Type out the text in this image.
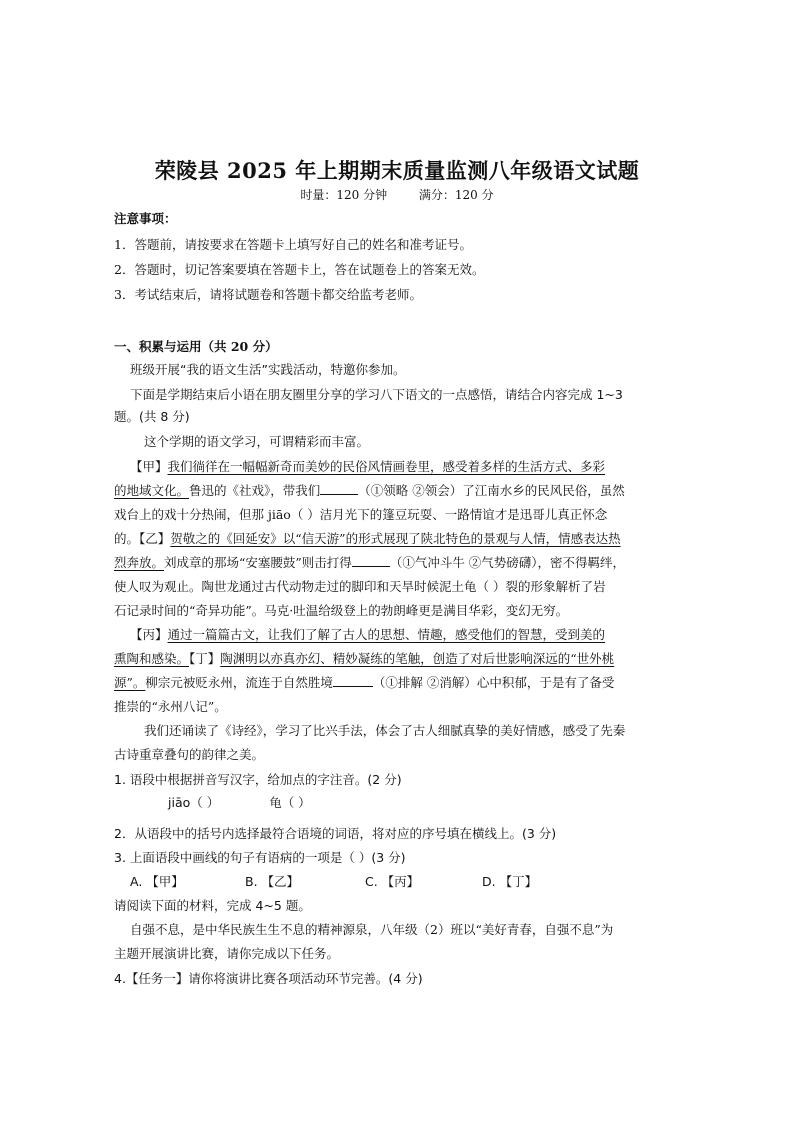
荣陵县 2025 年上期期末质量监测八年级语文试题
时量：120 分钟	满分：120 分
注意事项：
1．答题前，请按要求在答题卡上填写好自己的姓名和准考证号。
2．答题时，切记答案要填在答题卡上，答在试题卷上的答案无效。
3．考试结束后，请将试题卷和答题卡都交给监考老师。
一、积累与运用（共 20 分）
班级开展“我的语文生活”实践活动，特邀你参加。
下面是学期结束后小语在朋友圈里分享的学习八下语文的一点感悟，请结合内容完成 1~3
题。(共 8 分)
这个学期的语文学习，可谓精彩而丰富。
【甲】我们徜徉在一幅幅新奇而美妙的民俗风情画卷里，感受着多样的生活方式、多彩
的地域文化。鲁迅的《社戏》，带我们	（①领略 ②领会）了江南水乡的民风民俗，虽然
戏台上的戏十分热闹，但那 jiāo（ ）洁月光下的篷豆玩耍、一路情谊才是迅哥儿真正怀念
的。【乙】贺敬之的《回延安》以“信天游”的形式展现了陕北特色的景观与人情，情感表达热
烈奔放。刘成章的那场“安塞腰鼓”则击打得	（①气冲斗牛 ②气势磅礴），密不得羁绊，
使人叹为观止。陶世龙通过古代动物走过的脚印和天旱时候泥土龟（ ）裂的形象解析了岩
石记录时间的“奇异功能”。马克·吐温给级登上的勃朗峰更是满目华彩，变幻无穷。
【丙】通过一篇篇古文，让我们了解了古人的思想、情趣，感受他们的智慧，受到美的
熏陶和感染。【丁】陶渊明以亦真亦幻、精妙凝练的笔触，创造了对后世影响深远的“世外桃
源”。柳宗元被贬永州，流连于自然胜境	（①排解 ②消解）心中积郁，于是有了备受
推崇的“永州八记”。
我们还诵读了《诗经》，学习了比兴手法，体会了古人细腻真挚的美好情感，感受了先秦
古诗重章叠句的韵律之美。
1. 语段中根据拼音写汉字，给加点的字注音。(2 分)
jiāo（ ）	龟（ ）
2．从语段中的括号内选择最符合语境的词语，将对应的序号填在横线上。(3 分)
3. 上面语段中画线的句子有语病的一项是（ ）(3 分)
A. 【甲】	B. 【乙】	C. 【丙】	D. 【丁】
请阅读下面的材料，完成 4~5 题。
自强不息，是中华民族生生不息的精神源泉，八年级（2）班以“美好青春，自强不息”为
主题开展演讲比赛，请你完成以下任务。
4.【任务一】请你将演讲比赛各项活动环节完善。(4 分)
